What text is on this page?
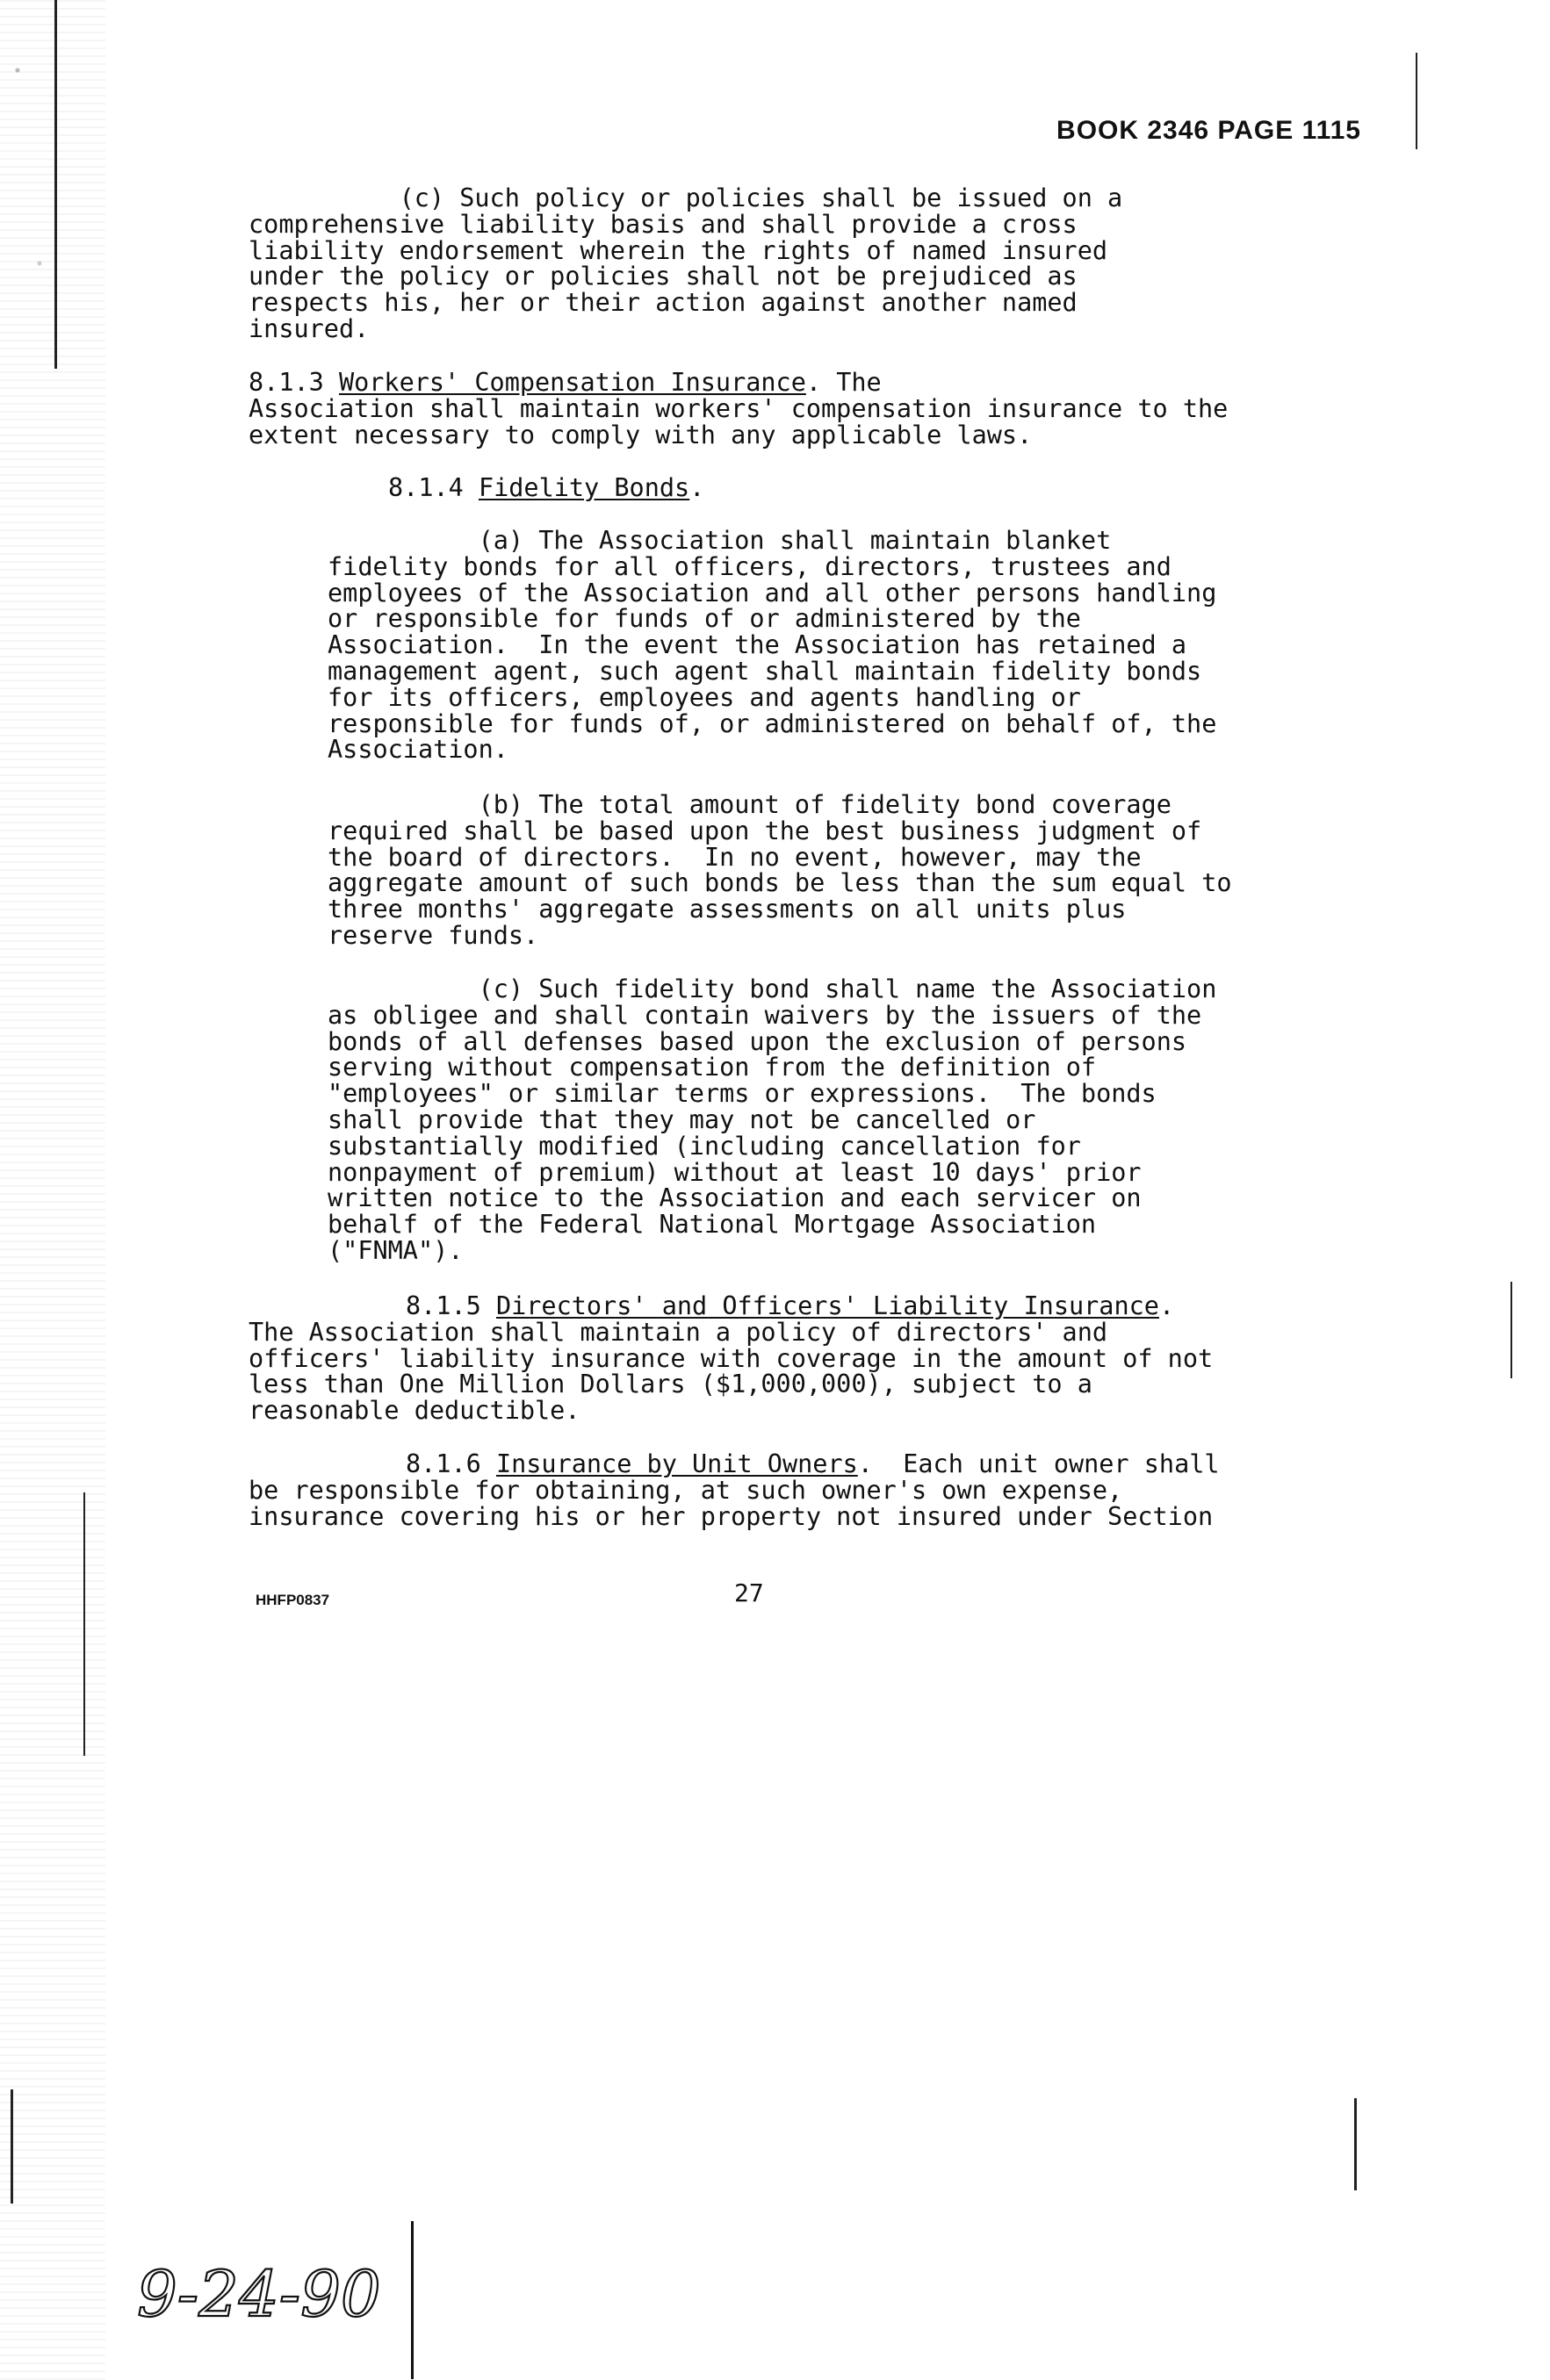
BOOK 2346 PAGE 1115

(c) Such policy or policies shall be issued on a
comprehensive liability basis and shall provide a cross
liability endorsement wherein the rights of named insured
under the policy or policies shall not be prejudiced as
respects his, her or their action against another named
insured.

8.1.3 Workers' Compensation Insurance. The
Association shall maintain workers' compensation insurance to the
extent necessary to comply with any applicable laws.

8.1.4 Fidelity Bonds.

(a) The Association shall maintain blanket
fidelity bonds for all officers, directors, trustees and
employees of the Association and all other persons handling
or responsible for funds of or administered by the
Association.  In the event the Association has retained a
management agent, such agent shall maintain fidelity bonds
for its officers, employees and agents handling or
responsible for funds of, or administered on behalf of, the
Association.

(b) The total amount of fidelity bond coverage
required shall be based upon the best business judgment of
the board of directors.  In no event, however, may the
aggregate amount of such bonds be less than the sum equal to
three months' aggregate assessments on all units plus
reserve funds.

(c) Such fidelity bond shall name the Association
as obligee and shall contain waivers by the issuers of the
bonds of all defenses based upon the exclusion of persons
serving without compensation from the definition of
"employees" or similar terms or expressions.  The bonds
shall provide that they may not be cancelled or
substantially modified (including cancellation for
nonpayment of premium) without at least 10 days' prior
written notice to the Association and each servicer on
behalf of the Federal National Mortgage Association
("FNMA").

8.1.5 Directors' and Officers' Liability Insurance.
The Association shall maintain a policy of directors' and
officers' liability insurance with coverage in the amount of not
less than One Million Dollars ($1,000,000), subject to a
reasonable deductible.

8.1.6 Insurance by Unit Owners.  Each unit owner shall
be responsible for obtaining, at such owner's own expense,
insurance covering his or her property not insured under Section

HHFP0837	27
9-24-90
